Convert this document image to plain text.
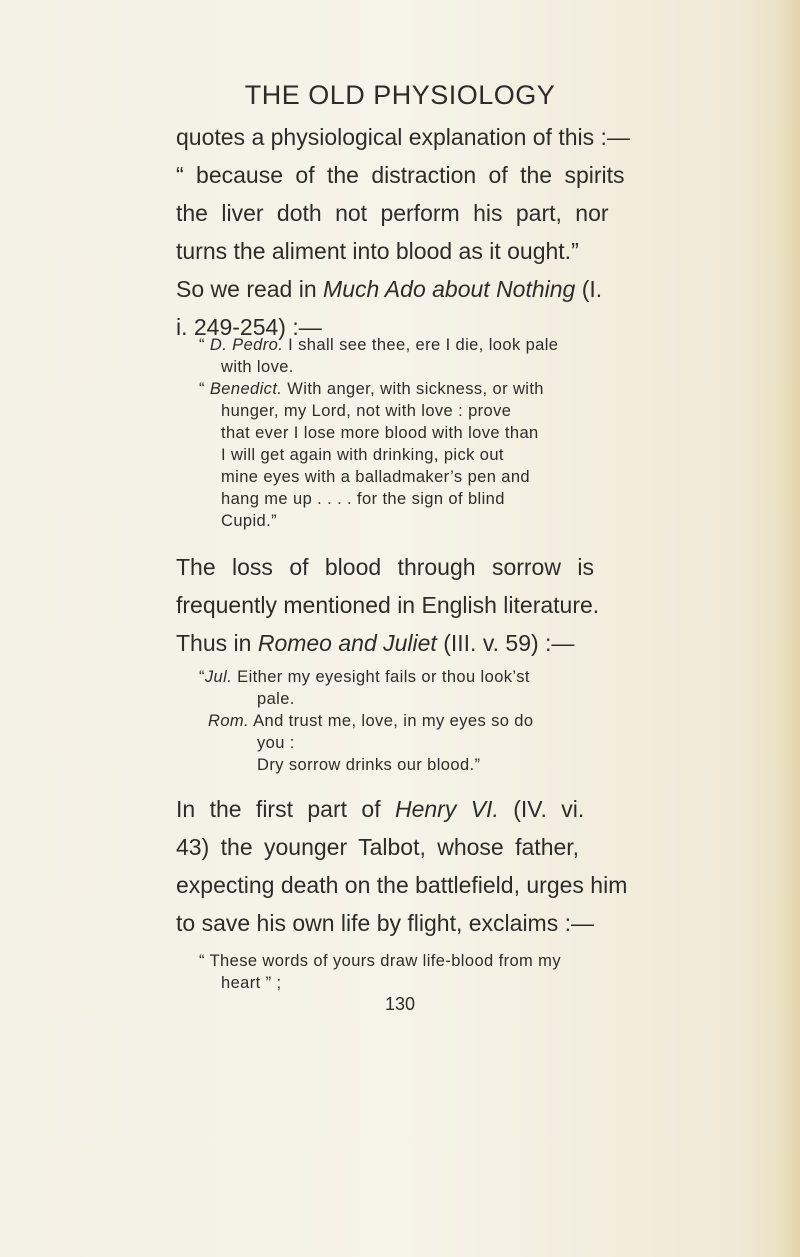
THE OLD PHYSIOLOGY
quotes a physiological explanation of this :—
“ because of the distraction of the spirits
the liver doth not perform his part, nor
turns the aliment into blood as it ought.”
So we read in Much Ado about Nothing (I.
i. 249-254) :—
“ D. Pedro. I shall see thee, ere I die, look pale
with love.
“ Benedict. With anger, with sickness, or with
hunger, my Lord, not with love : prove
that ever I lose more blood with love than
I will get again with drinking, pick out
mine eyes with a balladmaker’s pen and
hang me up . . . . for the sign of blind
Cupid.”
The loss of blood through sorrow is
frequently mentioned in English literature.
Thus in Romeo and Juliet (III. v. 59) :—
“Jul. Either my eyesight fails or thou look’st
pale.
Rom. And trust me, love, in my eyes so do
you :
Dry sorrow drinks our blood.”
In the first part of Henry VI. (IV. vi.
43) the younger Talbot, whose father,
expecting death on the battlefield, urges him
to save his own life by flight, exclaims :—
“ These words of yours draw life-blood from my
heart ” ;
130
